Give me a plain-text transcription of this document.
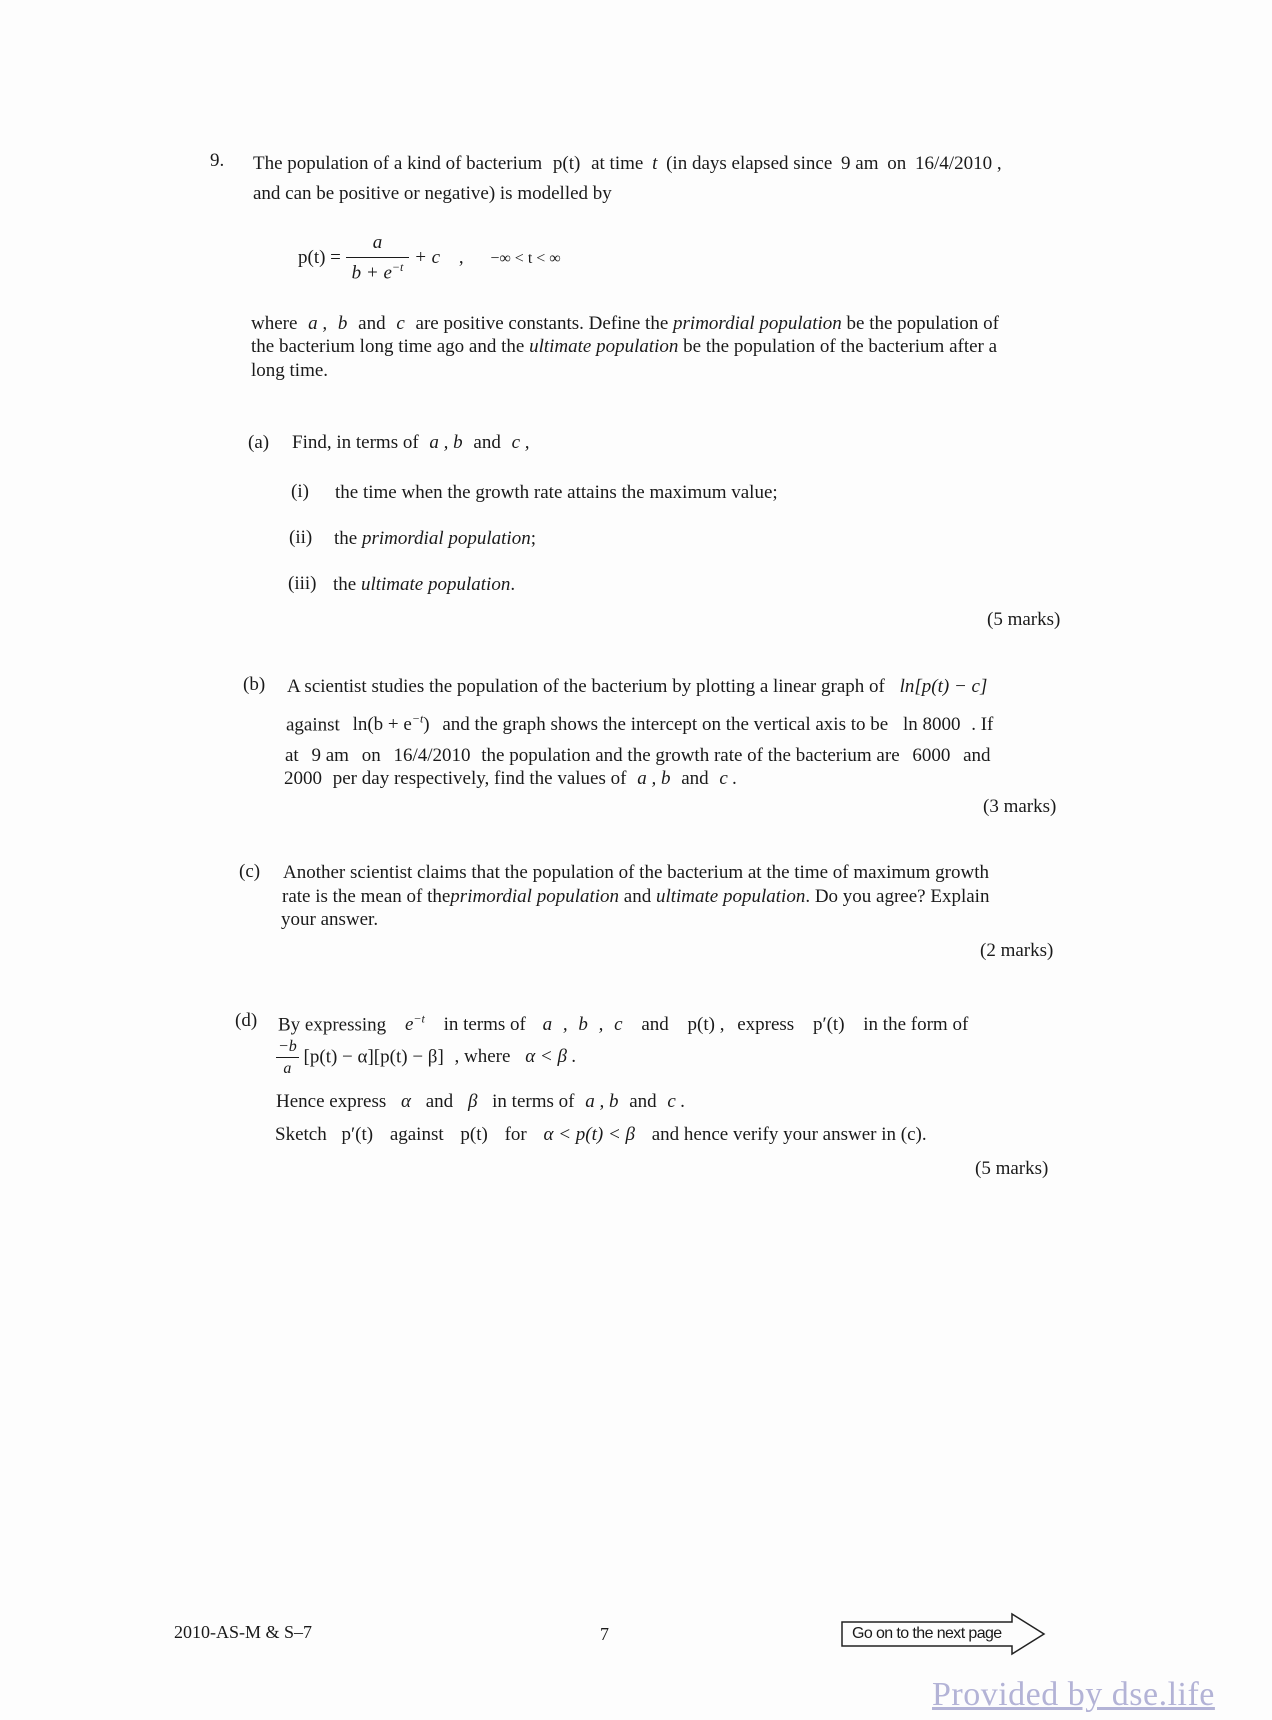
9. The population of a kind of bacterium p(t) at time t (in days elapsed since 9 am on 16/4/2010 ,
and can be positive or negative) is modelled by
$p(t) = \frac{a}{b + e^{-t}} + c$ , −∞ < t < ∞
where a , b and c are positive constants. Define the primordial population be the population of
the bacterium long time ago and the ultimate population be the population of the bacterium after a
long time.
(a) Find, in terms of a , b and c ,
(i) the time when the growth rate attains the maximum value;
(ii) the primordial population;
(iii) the ultimate population.
(5 marks)
(b) A scientist studies the population of the bacterium by plotting a linear graph of ln[p(t) − c]
against $\ln(b + e^{-t})$ and the graph shows the intercept on the vertical axis to be ln 8000 . If
at 9 am on 16/4/2010 the population and the growth rate of the bacterium are 6000 and
2000 per day respectively, find the values of a , b and c .
(3 marks)
(c) Another scientist claims that the population of the bacterium at the time of maximum growth
rate is the mean of theprimordial population and ultimate population. Do you agree? Explain
your answer.
(2 marks)
(d) By expressing $e^{-t}$ in terms of a , b , c and p(t) , express p′(t) in the form of
$\frac{-b}{a} [p(t) - \alpha][p(t) - \beta]$ , where α < β .
Hence express α and β in terms of a , b and c .
Sketch p′(t) against p(t) for α < p(t) < β and hence verify your answer in (c).
(5 marks)
2010-AS-M & S–7	7	Go on to the next page
Provided by dse.life
